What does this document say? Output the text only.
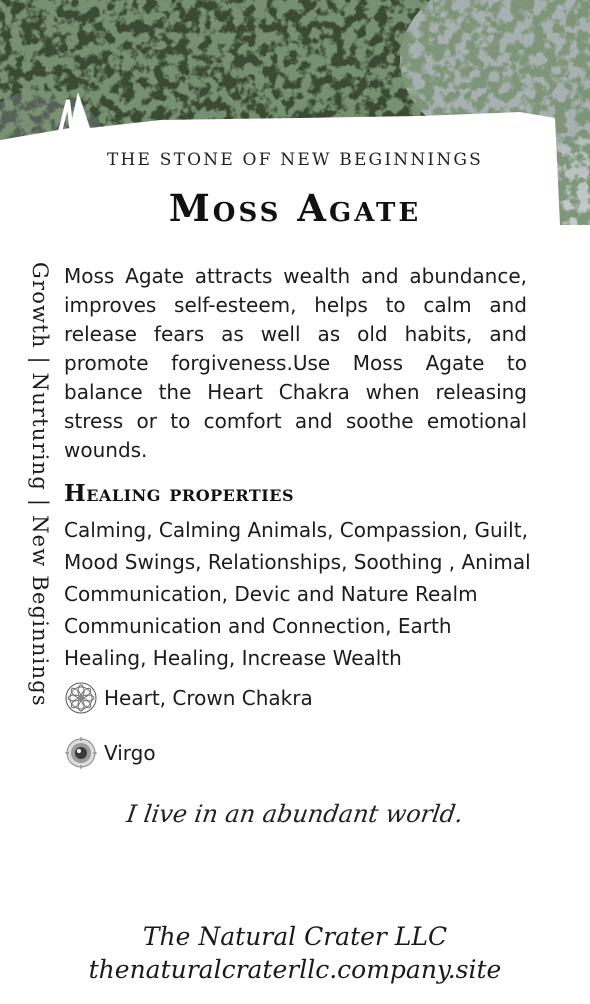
THE STONE OF NEW BEGINNINGS
Moss Agate
Growth | Nurturing | New Beginnings Moss Agate attracts wealth and abundance, improves self-esteem, helps to calm and release fears as well as old habits, and promote forgiveness.Use Moss Agate to balance the Heart Chakra when releasing stress or to comfort and soothe emotional wounds.

Healing properties

Calming, Calming Animals, Compassion, Guilt, Mood Swings, Relationships, Soothing , Animal Communication, Devic and Nature Realm Communication and Connection, Earth Healing, Healing, Increase Wealth

Heart, Crown Chakra
Virgo
I live in an abundant world.
The Natural Crater LLC
thenaturalcraterllc.company.site
